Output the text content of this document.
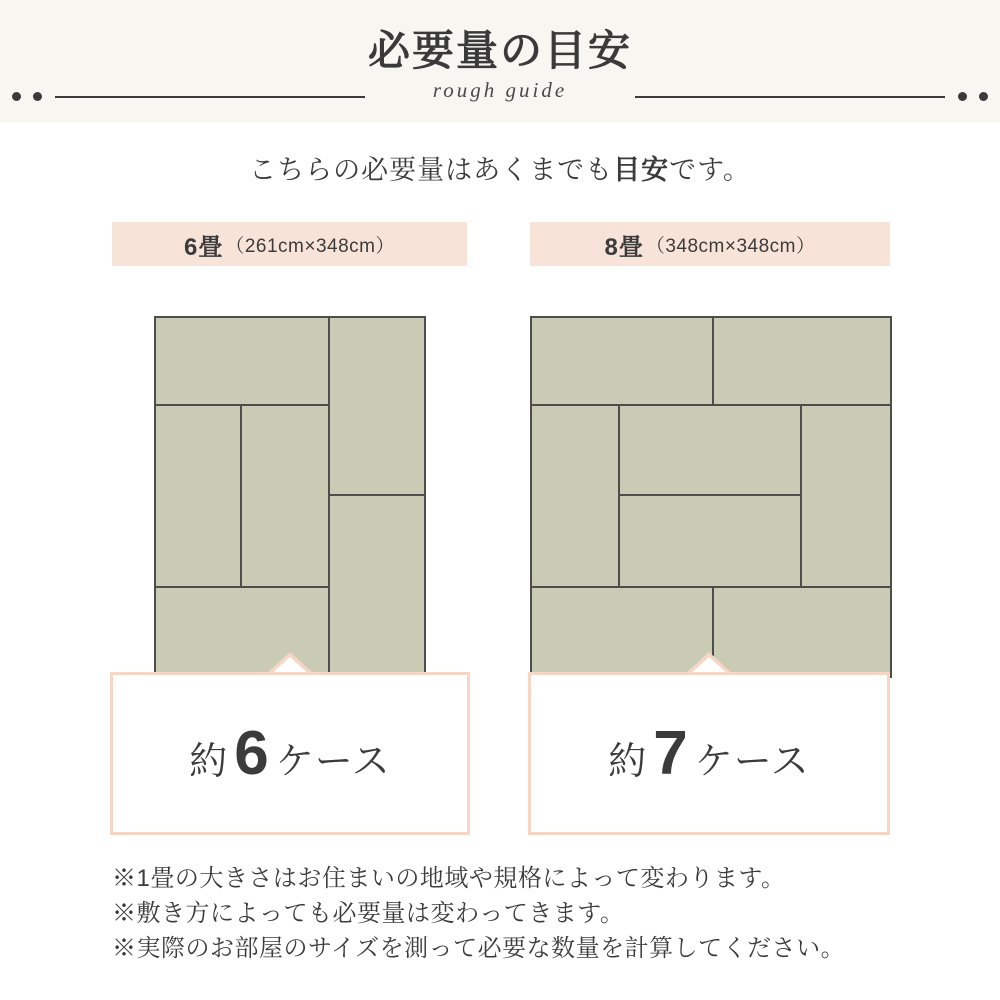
必要量の目安
rough guide
こちらの必要量はあくまでも目安です。
6畳 （261cm×348cm）	8畳 （348cm×348cm）
約 6 ケース	約 7 ケース
※1畳の大きさはお住まいの地域や規格によって変わります。
※敷き方によっても必要量は変わってきます。
※実際のお部屋のサイズを測って必要な数量を計算してください。
